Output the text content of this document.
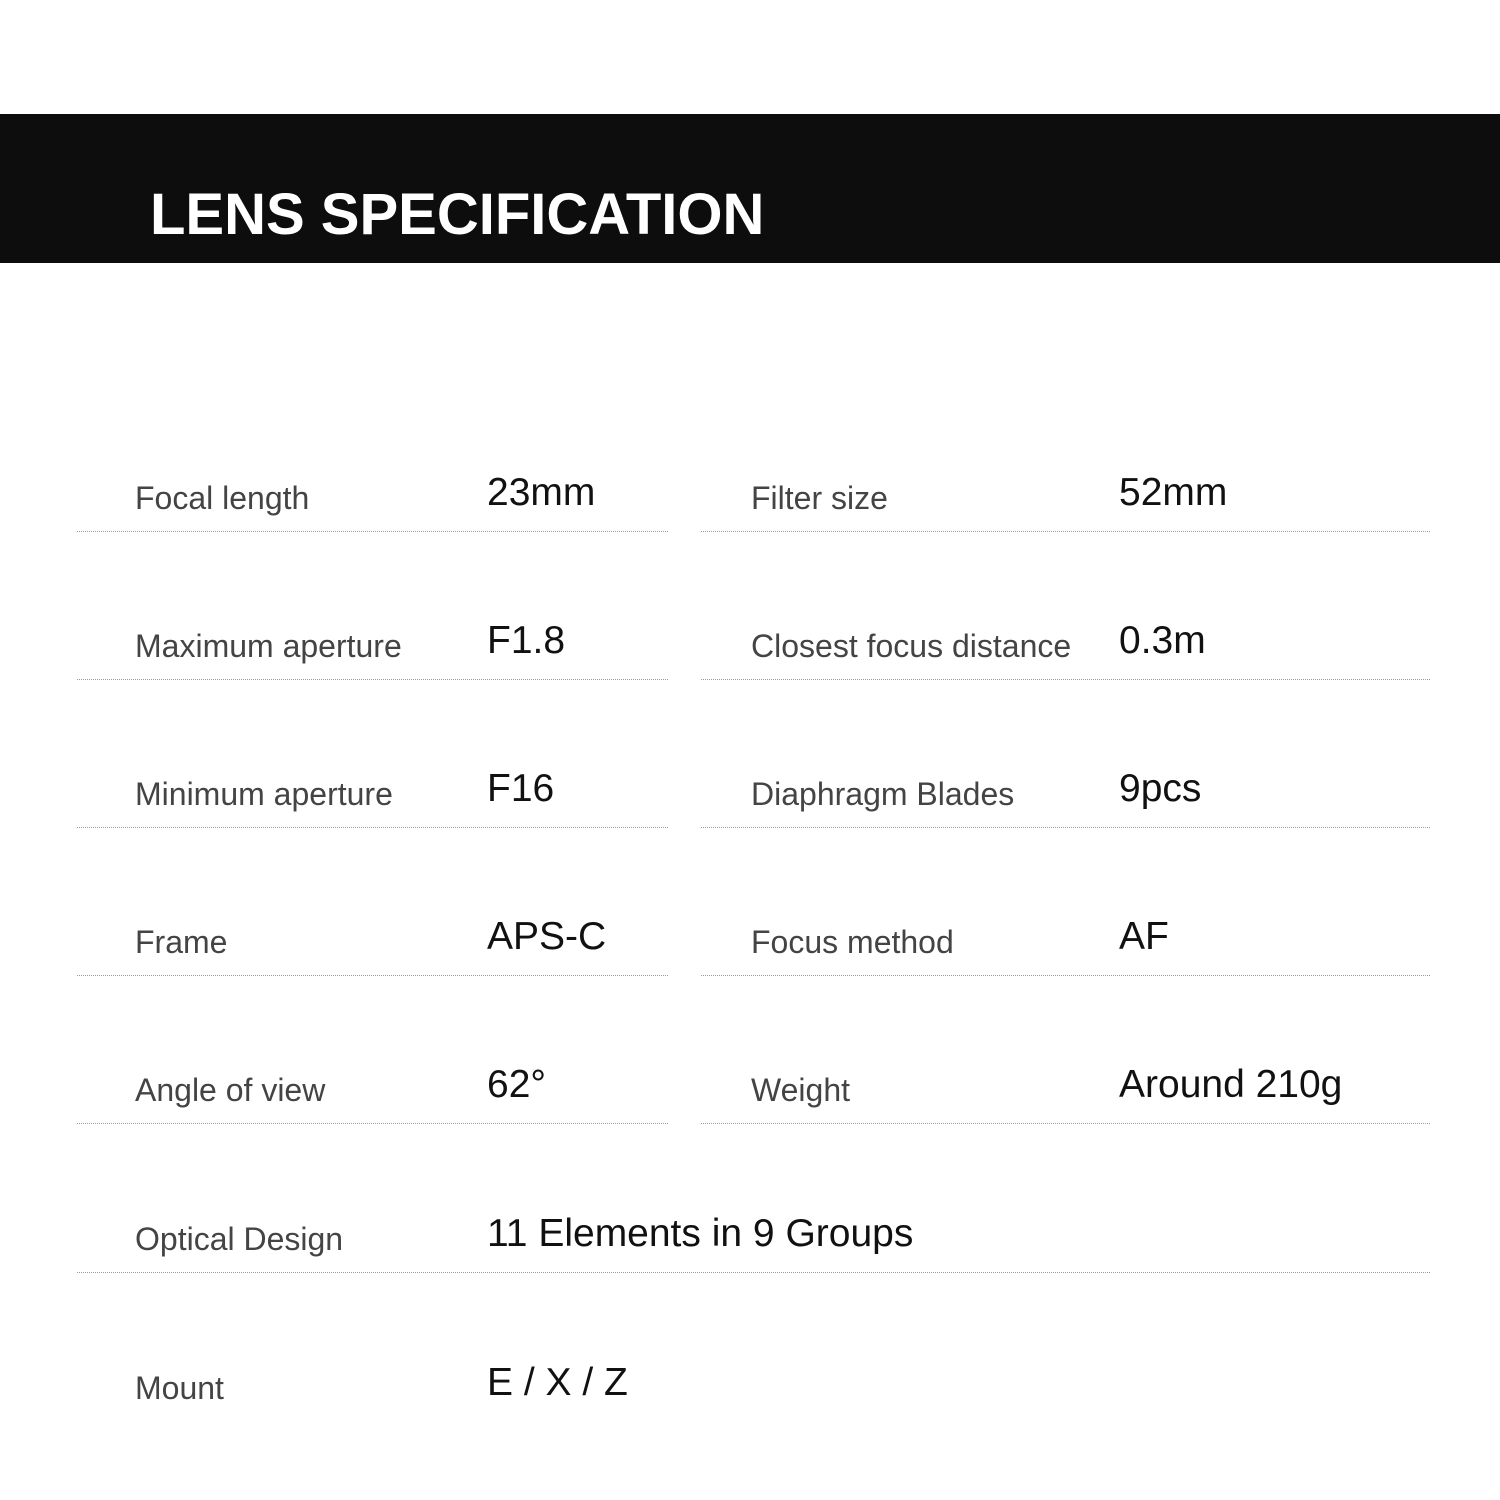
LENS SPECIFICATION
Focal length	23mm	Filter size	52mm
Maximum aperture F1.8	Closest focus distance 0.3m
Minimum aperture F16	Diaphragm Blades	9pcs
Frame	APS-C	Focus method	AF
Angle of view	62°	Weight	Around 210g
Optical Design	11 Elements in 9 Groups
Mount	E / X / Z
